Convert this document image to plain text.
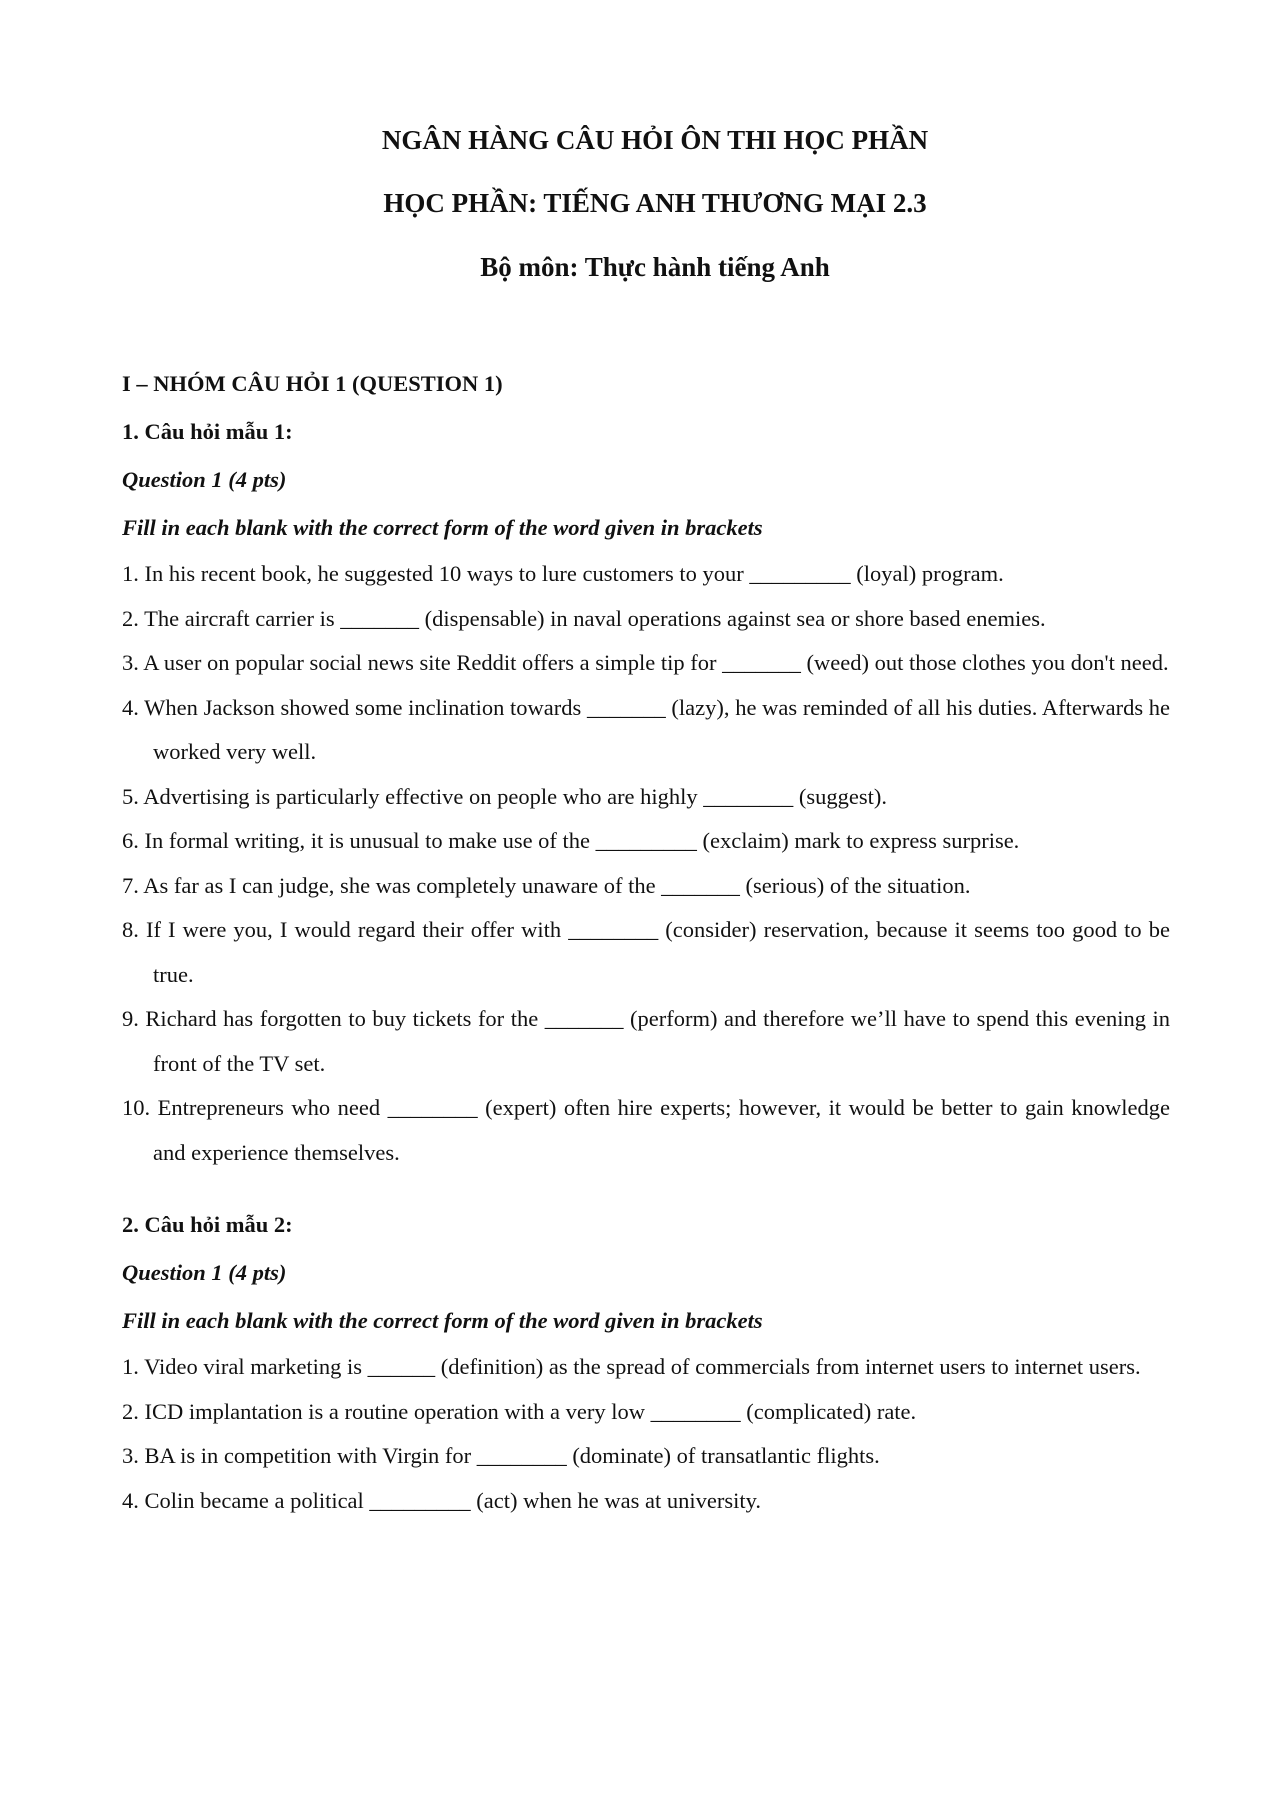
NGÂN HÀNG CÂU HỎI ÔN THI HỌC PHẦN
HỌC PHẦN: TIẾNG ANH THƯƠNG MẠI 2.3
Bộ môn: Thực hành tiếng Anh
I – NHÓM CÂU HỎI 1 (QUESTION 1)
1. Câu hỏi mẫu 1:
Question 1 (4 pts)
Fill in each blank with the correct form of the word given in brackets
1. In his recent book, he suggested 10 ways to lure customers to your _________ (loyal) program.
2. The aircraft carrier is _______ (dispensable) in naval operations against sea or shore based enemies.
3. A user on popular social news site Reddit offers a simple tip for _______ (weed) out those clothes you don't need.
4. When Jackson showed some inclination towards _______ (lazy), he was reminded of all his duties. Afterwards he worked very well.
5. Advertising is particularly effective on people who are highly ________ (suggest).
6. In formal writing, it is unusual to make use of the _________ (exclaim) mark to express surprise.
7. As far as I can judge, she was completely unaware of the _______ (serious) of the situation.
8. If I were you, I would regard their offer with ________ (consider) reservation, because it seems too good to be true.
9. Richard has forgotten to buy tickets for the _______ (perform) and therefore we’ll have to spend this evening in front of the TV set.
10. Entrepreneurs who need ________ (expert) often hire experts; however, it would be better to gain knowledge and experience themselves.
2. Câu hỏi mẫu 2:
Question 1 (4 pts)
Fill in each blank with the correct form of the word given in brackets
1. Video viral marketing is ______ (definition) as the spread of commercials from internet users to internet users.
2. ICD implantation is a routine operation with a very low ________ (complicated) rate.
3. BA is in competition with Virgin for ________ (dominate) of transatlantic flights.
4. Colin became a political _________ (act) when he was at university.
